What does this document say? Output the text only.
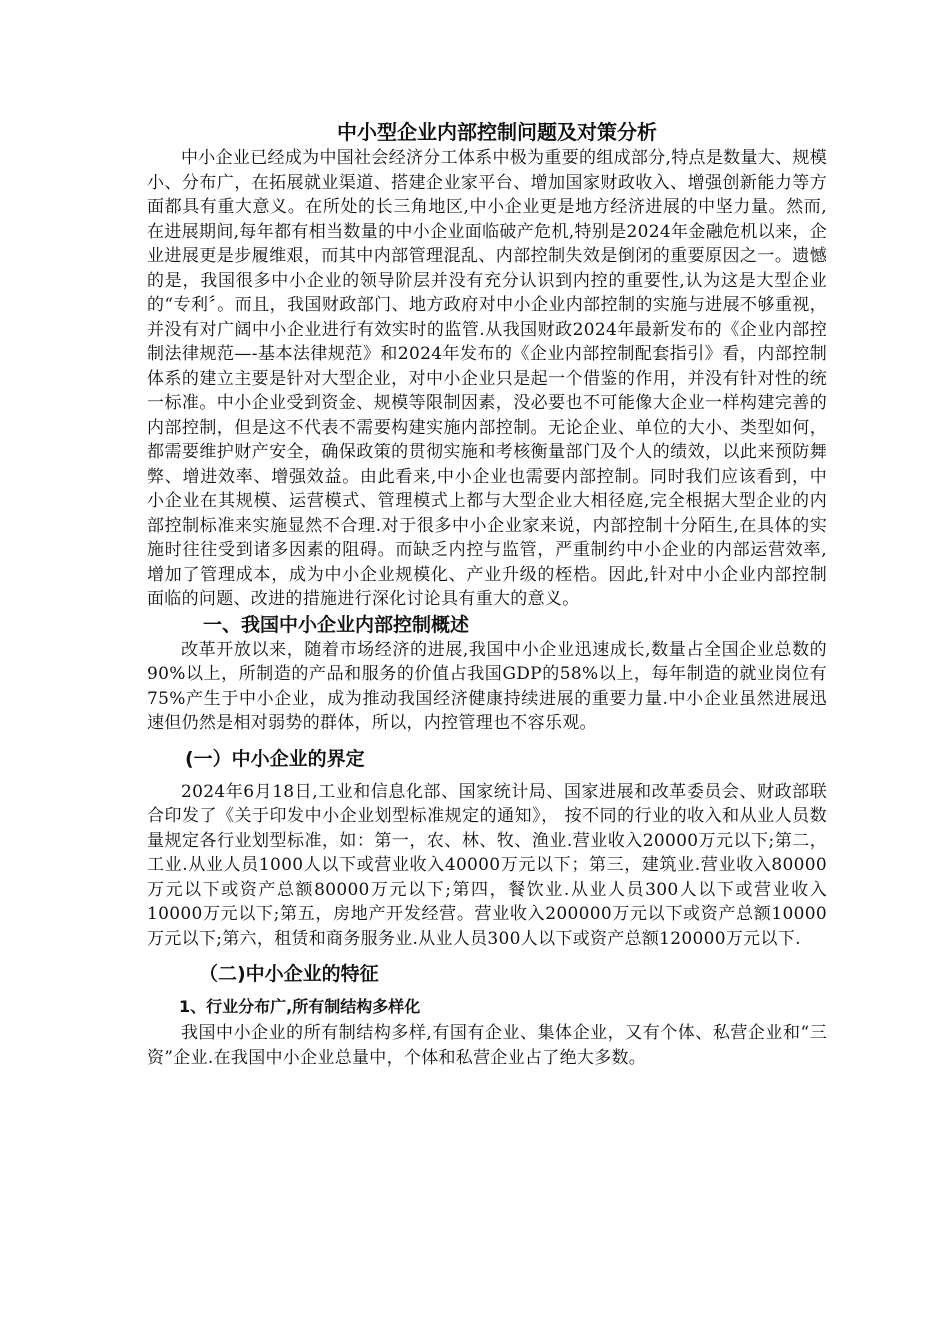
中小型企业内部控制问题及对策分析

中小企业已经成为中国社会经济分工体系中极为重要的组成部分,特点是数量大、规模小、分布广，在拓展就业渠道、搭建企业家平台、增加国家财政收入、增强创新能力等方面都具有重大意义。在所处的长三角地区,中小企业更是地方经济进展的中坚力量。然而,在进展期间,每年都有相当数量的中小企业面临破产危机,特别是2024年金融危机以来，企业进展更是步履维艰，而其中内部管理混乱、内部控制失效是倒闭的重要原因之一。遗憾的是，我国很多中小企业的领导阶层并没有充分认识到内控的重要性,认为这是大型企业的“专利〞。而且，我国财政部门、地方政府对中小企业内部控制的实施与进展不够重视，并没有对广阔中小企业进行有效实时的监管.从我国财政2024年最新发布的《企业内部控制法律规范—-基本法律规范》和2024年发布的《企业内部控制配套指引》看，内部控制体系的建立主要是针对大型企业，对中小企业只是起一个借鉴的作用，并没有针对性的统一标准。中小企业受到资金、规模等限制因素，没必要也不可能像大企业一样构建完善的内部控制，但是这不代表不需要构建实施内部控制。无论企业、单位的大小、类型如何，都需要维护财产安全，确保政策的贯彻实施和考核衡量部门及个人的绩效，以此来预防舞弊、增进效率、增强效益。由此看来,中小企业也需要内部控制。同时我们应该看到，中小企业在其规模、运营模式、管理模式上都与大型企业大相径庭,完全根据大型企业的内部控制标准来实施显然不合理.对于很多中小企业家来说，内部控制十分陌生,在具体的实施时往往受到诸多因素的阻碍。而缺乏内控与监管，严重制约中小企业的内部运营效率,增加了管理成本，成为中小企业规模化、产业升级的桎梏。因此,针对中小企业内部控制面临的问题、改进的措施进行深化讨论具有重大的意义。

一、我国中小企业内部控制概述

改革开放以来，随着市场经济的进展,我国中小企业迅速成长,数量占全国企业总数的90%以上，所制造的产品和服务的价值占我国GDP的58%以上，每年制造的就业岗位有75%产生于中小企业，成为推动我国经济健康持续进展的重要力量.中小企业虽然进展迅速但仍然是相对弱势的群体，所以，内控管理也不容乐观。

(一）中小企业的界定

2024年6月18日,工业和信息化部、国家统计局、国家进展和改革委员会、财政部联合印发了《关于印发中小企业划型标准规定的通知》， 按不同的行业的收入和从业人员数量规定各行业划型标准，如：第一，农、林、牧、渔业.营业收入20000万元以下;第二，工业.从业人员1000人以下或营业收入40000万元以下；第三，建筑业.营业收入80000万元以下或资产总额80000万元以下;第四，餐饮业.从业人员300人以下或营业收入10000万元以下;第五，房地产开发经营。营业收入200000万元以下或资产总额10000万元以下;第六，租赁和商务服务业.从业人员300人以下或资产总额120000万元以下.

（二)中小企业的特征
1、行业分布广,所有制结构多样化

我国中小企业的所有制结构多样,有国有企业、集体企业，又有个体、私营企业和“三资”企业.在我国中小企业总量中，个体和私营企业占了绝大多数。
